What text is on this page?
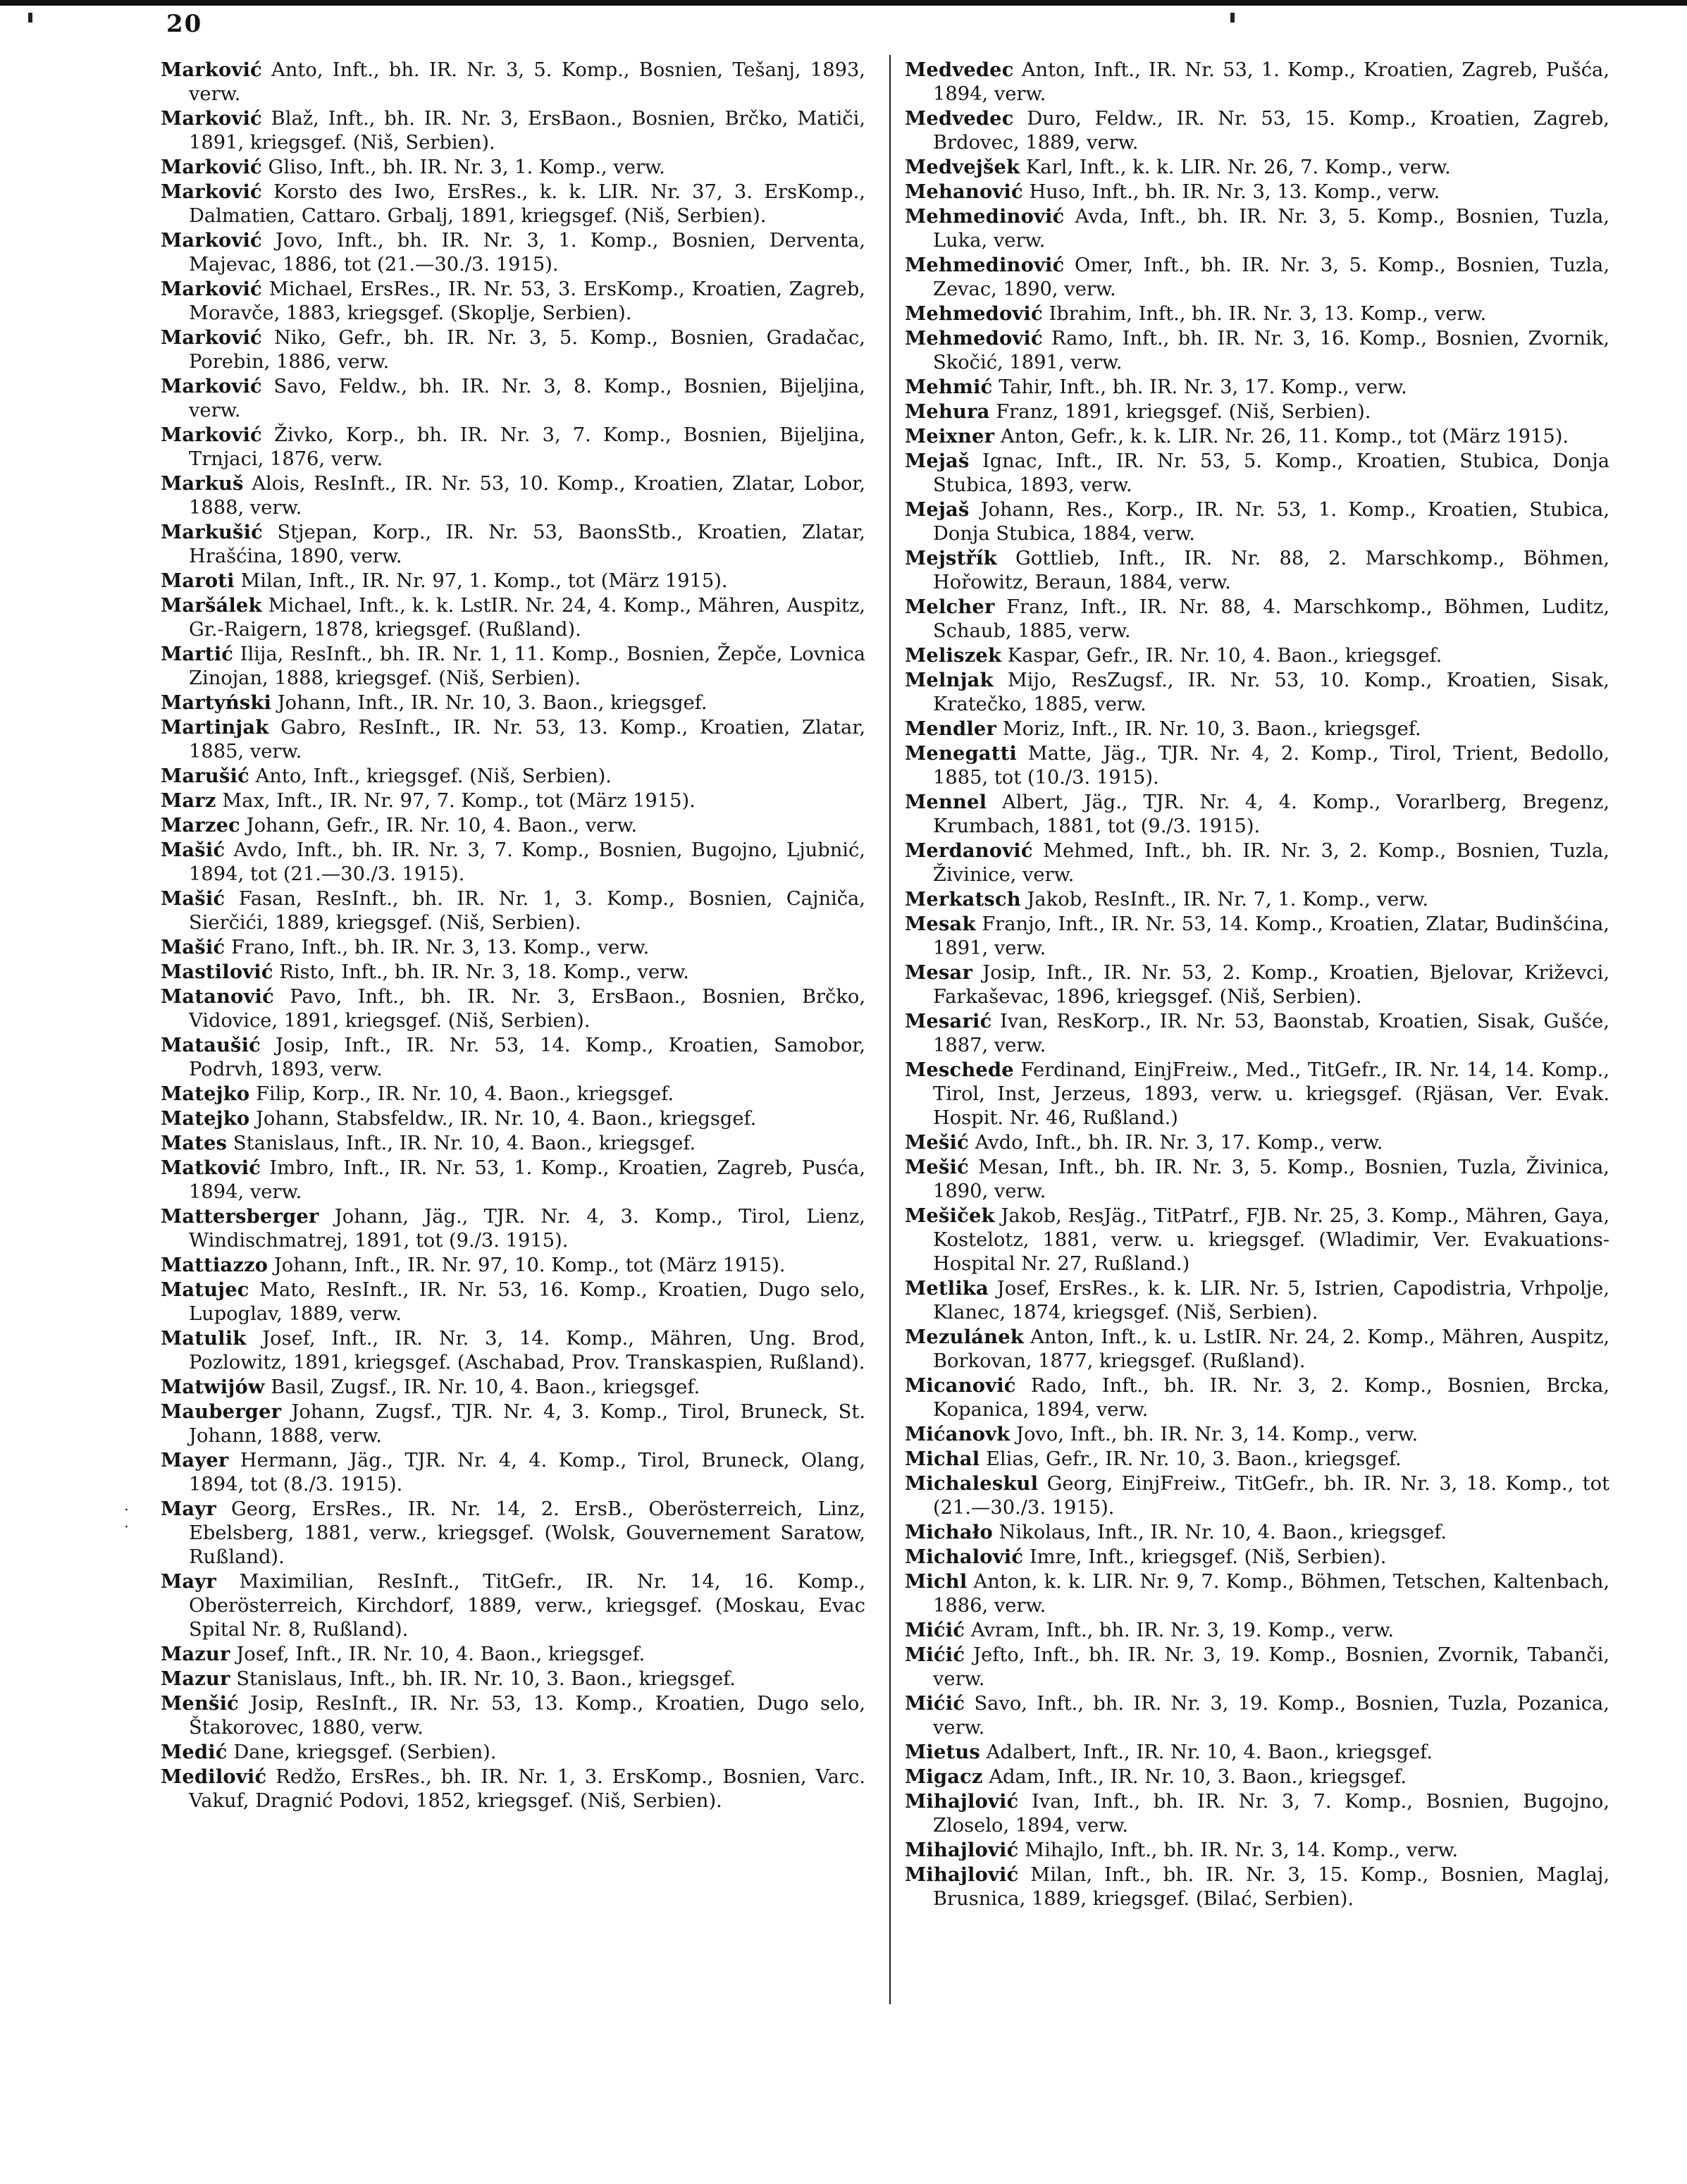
20
Marković Anto, Inft., bh. IR. Nr. 3, 5. Komp., Bosnien, Tešanj, 1893, verw.
Marković Blaž, Inft., bh. IR. Nr. 3, ErsBaon., Bosnien, Brčko, Matiči, 1891, kriegsgef. (Niš, Serbien).
Marković Gliso, Inft., bh. IR. Nr. 3, 1. Komp., verw.
Marković Korsto des Iwo, ErsRes., k. k. LIR. Nr. 37, 3. ErsKomp., Dalmatien, Cattaro. Grbalj, 1891, kriegsgef. (Niš, Serbien).
Marković Jovo, Inft., bh. IR. Nr. 3, 1. Komp., Bosnien, Derventa, Majevac, 1886, tot (21.—30./3. 1915).
Marković Michael, ErsRes., IR. Nr. 53, 3. ErsKomp., Kroatien, Zagreb, Moravče, 1883, kriegsgef. (Skoplje, Serbien).
Marković Niko, Gefr., bh. IR. Nr. 3, 5. Komp., Bosnien, Gradačac, Porebin, 1886, verw.
Marković Savo, Feldw., bh. IR. Nr. 3, 8. Komp., Bosnien, Bijeljina, verw.
Marković Živko, Korp., bh. IR. Nr. 3, 7. Komp., Bosnien, Bijeljina, Trnjaci, 1876, verw.
Markuš Alois, ResInft., IR. Nr. 53, 10. Komp., Kroatien, Zlatar, Lobor, 1888, verw.
Markušić Stjepan, Korp., IR. Nr. 53, BaonsStb., Kroatien, Zlatar, Hrašćina, 1890, verw.
Maroti Milan, Inft., IR. Nr. 97, 1. Komp., tot (März 1915).
Maršálek Michael, Inft., k. k. LstIR. Nr. 24, 4. Komp., Mähren, Auspitz, Gr.-Raigern, 1878, kriegsgef. (Rußland).
Martić Ilija, ResInft., bh. IR. Nr. 1, 11. Komp., Bosnien, Žepče, Lovnica Zinojan, 1888, kriegsgef. (Niš, Serbien).
Martyński Johann, Inft., IR. Nr. 10, 3. Baon., kriegsgef.
Martinjak Gabro, ResInft., IR. Nr. 53, 13. Komp., Kroatien, Zlatar, 1885, verw.
Marušić Anto, Inft., kriegsgef. (Niš, Serbien).
Marz Max, Inft., IR. Nr. 97, 7. Komp., tot (März 1915).
Marzec Johann, Gefr., IR. Nr. 10, 4. Baon., verw.
Mašić Avdo, Inft., bh. IR. Nr. 3, 7. Komp., Bosnien, Bugojno, Ljubnić, 1894, tot (21.—30./3. 1915).
Mašić Fasan, ResInft., bh. IR. Nr. 1, 3. Komp., Bosnien, Cajniča, Sierčići, 1889, kriegsgef. (Niš, Serbien).
Mašić Frano, Inft., bh. IR. Nr. 3, 13. Komp., verw.
Mastilović Risto, Inft., bh. IR. Nr. 3, 18. Komp., verw.
Matanović Pavo, Inft., bh. IR. Nr. 3, ErsBaon., Bosnien, Brčko, Vidovice, 1891, kriegsgef. (Niš, Serbien).
Mataušić Josip, Inft., IR. Nr. 53, 14. Komp., Kroatien, Samobor, Podrvh, 1893, verw.
Matejko Filip, Korp., IR. Nr. 10, 4. Baon., kriegsgef.
Matejko Johann, Stabsfeldw., IR. Nr. 10, 4. Baon., kriegsgef.
Mates Stanislaus, Inft., IR. Nr. 10, 4. Baon., kriegsgef.
Matković Imbro, Inft., IR. Nr. 53, 1. Komp., Kroatien, Zagreb, Pusća, 1894, verw.
Mattersberger Johann, Jäg., TJR. Nr. 4, 3. Komp., Tirol, Lienz, Windischmatrej, 1891, tot (9./3. 1915).
Mattiazzo Johann, Inft., IR. Nr. 97, 10. Komp., tot (März 1915).
Matujec Mato, ResInft., IR. Nr. 53, 16. Komp., Kroatien, Dugo selo, Lupoglav, 1889, verw.
Matulik Josef, Inft., IR. Nr. 3, 14. Komp., Mähren, Ung. Brod, Pozlowitz, 1891, kriegsgef. (Aschabad, Prov. Transkaspien, Rußland).
Matwijów Basil, Zugsf., IR. Nr. 10, 4. Baon., kriegsgef.
Mauberger Johann, Zugsf., TJR. Nr. 4, 3. Komp., Tirol, Bruneck, St. Johann, 1888, verw.
Mayer Hermann, Jäg., TJR. Nr. 4, 4. Komp., Tirol, Bruneck, Olang, 1894, tot (8./3. 1915).
Mayr Georg, ErsRes., IR. Nr. 14, 2. ErsB., Oberösterreich, Linz, Ebelsberg, 1881, verw., kriegsgef. (Wolsk, Gouvernement Saratow, Rußland).
Mayr Maximilian, ResInft., TitGefr., IR. Nr. 14, 16. Komp., Oberösterreich, Kirchdorf, 1889, verw., kriegsgef. (Moskau, Evac Spital Nr. 8, Rußland).
Mazur Josef, Inft., IR. Nr. 10, 4. Baon., kriegsgef.
Mazur Stanislaus, Inft., bh. IR. Nr. 10, 3. Baon., kriegsgef.
Menšić Josip, ResInft., IR. Nr. 53, 13. Komp., Kroatien, Dugo selo, Štakorovec, 1880, verw.
Medić Dane, kriegsgef. (Serbien).
Medilović Redžo, ErsRes., bh. IR. Nr. 1, 3. ErsKomp., Bosnien, Varc. Vakuf, Dragnić Podovi, 1852, kriegsgef. (Niš, Serbien).
Medvedec Anton, Inft., IR. Nr. 53, 1. Komp., Kroatien, Zagreb, Pušća, 1894, verw.
Medvedec Duro, Feldw., IR. Nr. 53, 15. Komp., Kroatien, Zagreb, Brdovec, 1889, verw.
Medvejšek Karl, Inft., k. k. LIR. Nr. 26, 7. Komp., verw.
Mehanović Huso, Inft., bh. IR. Nr. 3, 13. Komp., verw.
Mehmedinović Avda, Inft., bh. IR. Nr. 3, 5. Komp., Bosnien, Tuzla, Luka, verw.
Mehmedinović Omer, Inft., bh. IR. Nr. 3, 5. Komp., Bosnien, Tuzla, Zevac, 1890, verw.
Mehmedović Ibrahim, Inft., bh. IR. Nr. 3, 13. Komp., verw.
Mehmedović Ramo, Inft., bh. IR. Nr. 3, 16. Komp., Bosnien, Zvornik, Skočić, 1891, verw.
Mehmić Tahir, Inft., bh. IR. Nr. 3, 17. Komp., verw.
Mehura Franz, 1891, kriegsgef. (Niš, Serbien).
Meixner Anton, Gefr., k. k. LIR. Nr. 26, 11. Komp., tot (März 1915).
Mejaš Ignac, Inft., IR. Nr. 53, 5. Komp., Kroatien, Stubica, Donja Stubica, 1893, verw.
Mejaš Johann, Res., Korp., IR. Nr. 53, 1. Komp., Kroatien, Stubica, Donja Stubica, 1884, verw.
Mejstřík Gottlieb, Inft., IR. Nr. 88, 2. Marschkomp., Böhmen, Hořowitz, Beraun, 1884, verw.
Melcher Franz, Inft., IR. Nr. 88, 4. Marschkomp., Böhmen, Luditz, Schaub, 1885, verw.
Meliszek Kaspar, Gefr., IR. Nr. 10, 4. Baon., kriegsgef.
Melnjak Mijo, ResZugsf., IR. Nr. 53, 10. Komp., Kroatien, Sisak, Kratečko, 1885, verw.
Mendler Moriz, Inft., IR. Nr. 10, 3. Baon., kriegsgef.
Menegatti Matte, Jäg., TJR. Nr. 4, 2. Komp., Tirol, Trient, Bedollo, 1885, tot (10./3. 1915).
Mennel Albert, Jäg., TJR. Nr. 4, 4. Komp., Vorarlberg, Bregenz, Krumbach, 1881, tot (9./3. 1915).
Merdanović Mehmed, Inft., bh. IR. Nr. 3, 2. Komp., Bosnien, Tuzla, Živinice, verw.
Merkatsch Jakob, ResInft., IR. Nr. 7, 1. Komp., verw.
Mesak Franjo, Inft., IR. Nr. 53, 14. Komp., Kroatien, Zlatar, Budinšćina, 1891, verw.
Mesar Josip, Inft., IR. Nr. 53, 2. Komp., Kroatien, Bjelovar, Križevci, Farkaševac, 1896, kriegsgef. (Niš, Serbien).
Mesarić Ivan, ResKorp., IR. Nr. 53, Baonstab, Kroatien, Sisak, Gušće, 1887, verw.
Meschede Ferdinand, EinjFreiw., Med., TitGefr., IR. Nr. 14, 14. Komp., Tirol, Inst, Jerzeus, 1893, verw. u. kriegsgef. (Rjäsan, Ver. Evak. Hospit. Nr. 46, Rußland.)
Mešić Avdo, Inft., bh. IR. Nr. 3, 17. Komp., verw.
Mešić Mesan, Inft., bh. IR. Nr. 3, 5. Komp., Bosnien, Tuzla, Živinica, 1890, verw.
Mešiček Jakob, ResJäg., TitPatrf., FJB. Nr. 25, 3. Komp., Mähren, Gaya, Kostelotz, 1881, verw. u. kriegsgef. (Wladimir, Ver. Evakuations-Hospital Nr. 27, Rußland.)
Metlika Josef, ErsRes., k. k. LIR. Nr. 5, Istrien, Capodistria, Vrhpolje, Klanec, 1874, kriegsgef. (Niš, Serbien).
Mezulánek Anton, Inft., k. u. LstIR. Nr. 24, 2. Komp., Mähren, Auspitz, Borkovan, 1877, kriegsgef. (Rußland).
Micanović Rado, Inft., bh. IR. Nr. 3, 2. Komp., Bosnien, Brcka, Kopanica, 1894, verw.
Mićanovk Jovo, Inft., bh. IR. Nr. 3, 14. Komp., verw.
Michal Elias, Gefr., IR. Nr. 10, 3. Baon., kriegsgef.
Michaleskul Georg, EinjFreiw., TitGefr., bh. IR. Nr. 3, 18. Komp., tot (21.—30./3. 1915).
Michało Nikolaus, Inft., IR. Nr. 10, 4. Baon., kriegsgef.
Michalović Imre, Inft., kriegsgef. (Niš, Serbien).
Michl Anton, k. k. LIR. Nr. 9, 7. Komp., Böhmen, Tetschen, Kaltenbach, 1886, verw.
Mićić Avram, Inft., bh. IR. Nr. 3, 19. Komp., verw.
Mićić Jefto, Inft., bh. IR. Nr. 3, 19. Komp., Bosnien, Zvornik, Tabanči, verw.
Mićić Savo, Inft., bh. IR. Nr. 3, 19. Komp., Bosnien, Tuzla, Pozanica, verw.
Mietus Adalbert, Inft., IR. Nr. 10, 4. Baon., kriegsgef.
Migacz Adam, Inft., IR. Nr. 10, 3. Baon., kriegsgef.
Mihajlović Ivan, Inft., bh. IR. Nr. 3, 7. Komp., Bosnien, Bugojno, Zloselo, 1894, verw.
Mihajlović Mihajlo, Inft., bh. IR. Nr. 3, 14. Komp., verw.
Mihajlović Milan, Inft., bh. IR. Nr. 3, 15. Komp., Bosnien, Maglaj, Brusnica, 1889, kriegsgef. (Bilać, Serbien).
·
·
